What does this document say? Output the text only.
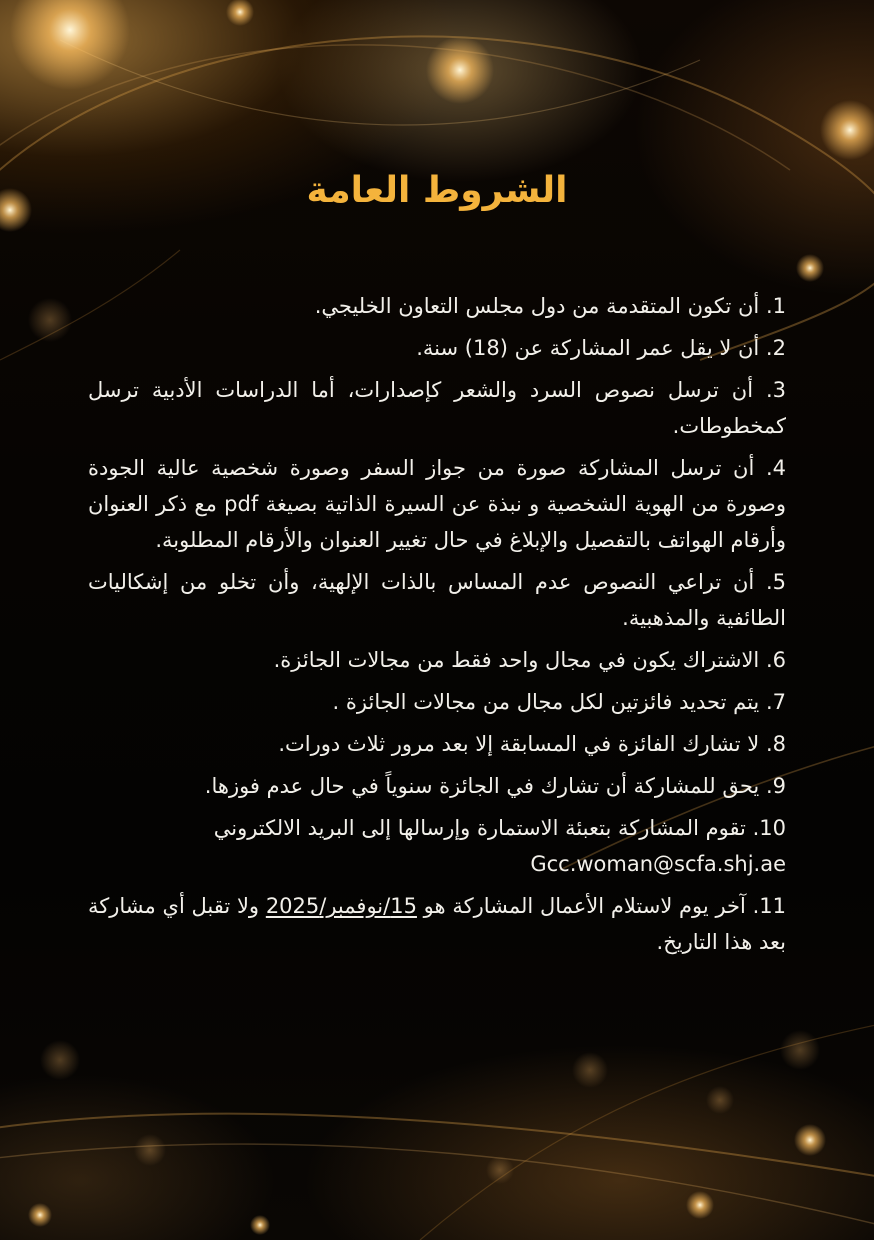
الشروط العامة
1. أن تكون المتقدمة من دول مجلس التعاون الخليجي.
2. أن لا يقل عمر المشاركة عن (18) سنة.
3. أن ترسل نصوص السرد والشعر كإصدارات، أما الدراسات الأدبية ترسل كمخطوطات.
4. أن ترسل المشاركة صورة من جواز السفر وصورة شخصية عالية الجودة وصورة من الهوية الشخصية و نبذة عن السيرة الذاتية بصيغة pdf مع ذكر العنوان وأرقام الهواتف بالتفصيل والإبلاغ في حال تغيير العنوان والأرقام المطلوبة.
5. أن تراعي النصوص عدم المساس بالذات الإلهية، وأن تخلو من إشكاليات الطائفية والمذهبية.
6. الاشتراك يكون في مجال واحد فقط من مجالات الجائزة.
7. يتم تحديد فائزتين لكل مجال من مجالات الجائزة .
8. لا تشارك الفائزة في المسابقة إلا بعد مرور ثلاث دورات.
9. يحق للمشاركة أن تشارك في الجائزة سنوياً في حال عدم فوزها.
10. تقوم المشاركة بتعبئة الاستمارة وإرسالها إلى البريد الالكتروني
Gcc.woman@scfa.shj.ae
11. آخر يوم لاستلام الأعمال المشاركة هو 15/نوفمبر/2025 ولا تقبل أي مشاركة بعد هذا التاريخ.
